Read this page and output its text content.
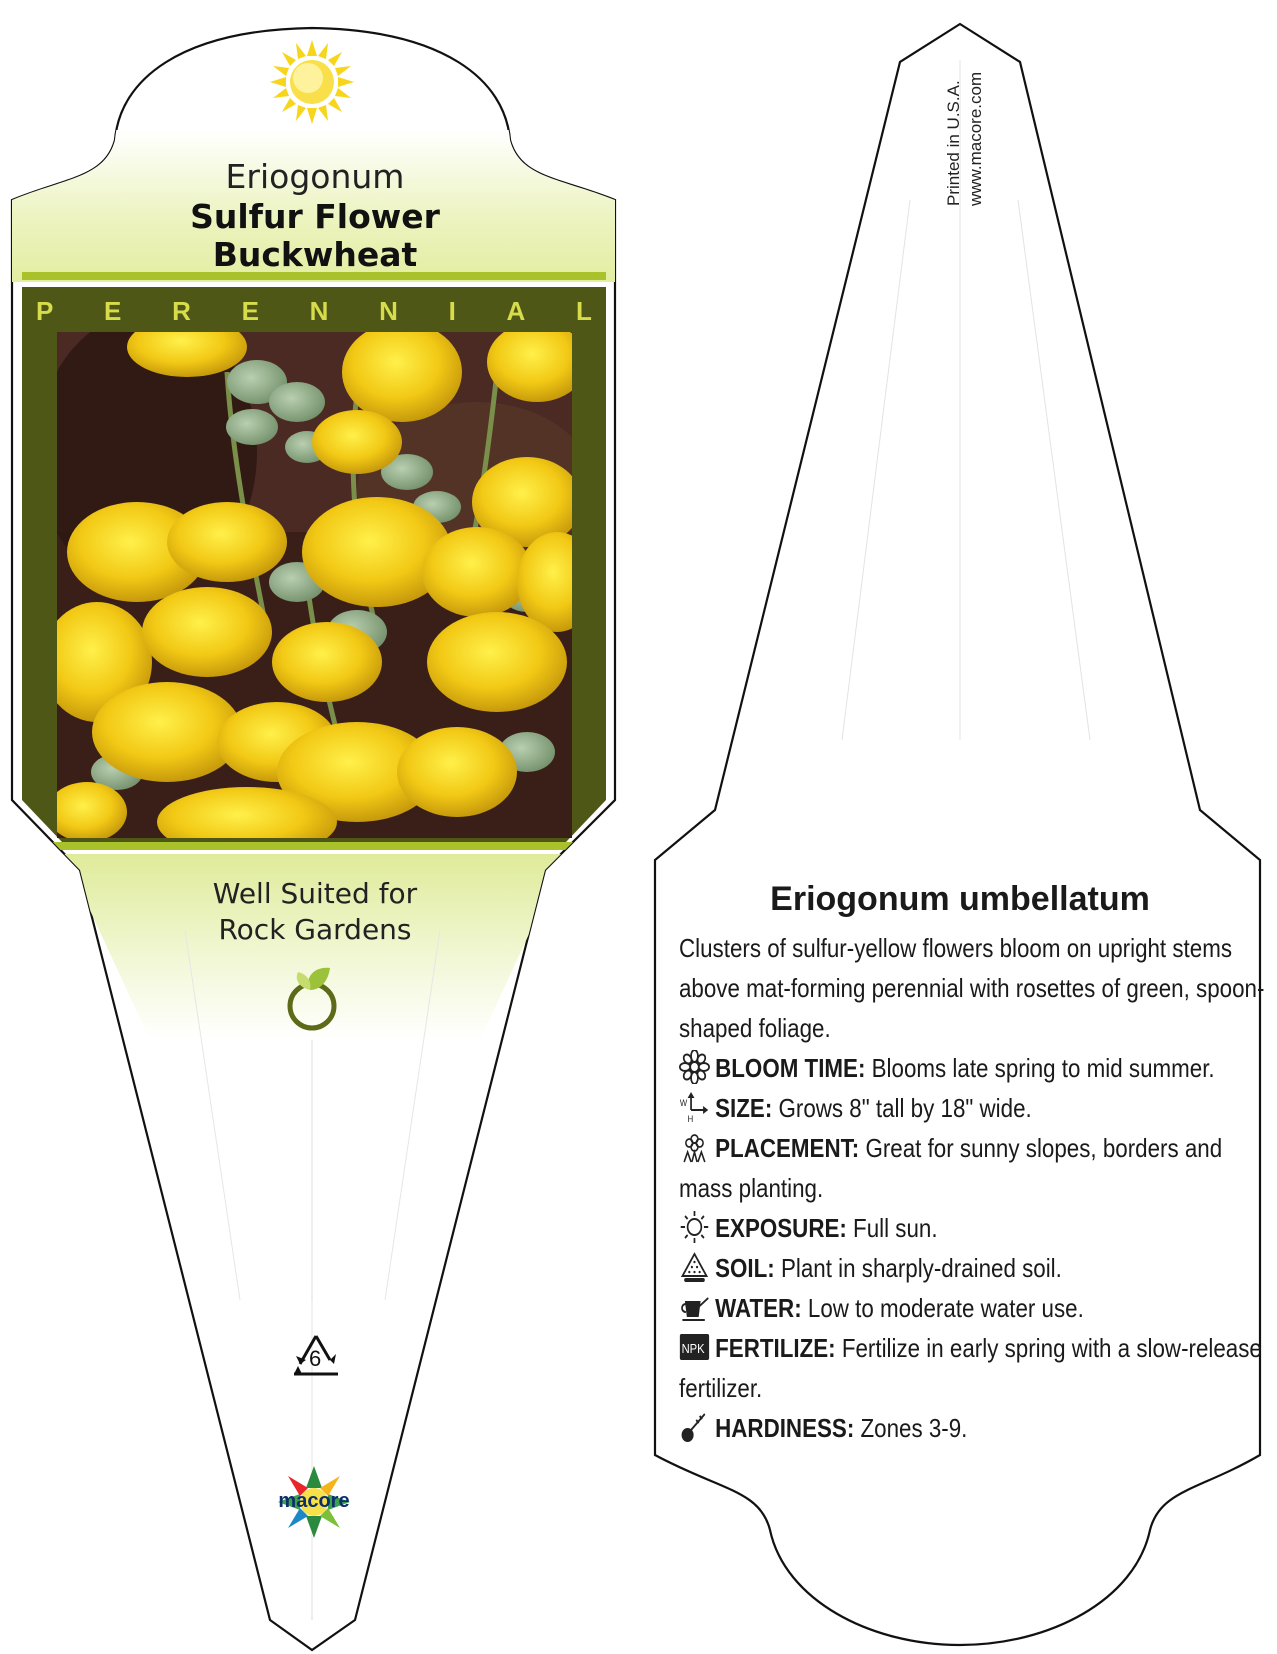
Eriogonum
Sulfur Flower
Buckwheat
P E R E N N I A L
Well Suited for
Rock Gardens
6
macore
Printed in U.S.A. www.macore.com
Eriogonum umbellatum

Clusters of sulfur-yellow flowers bloom on upright stems above mat-forming perennial with rosettes of green, spoon-shaped foliage.

BLOOM TIME: Blooms late spring to mid summer.
W
H SIZE: Grows 8" tall by 18" wide.
PLACEMENT: Great for sunny slopes, borders and mass planting.
EXPOSURE: Full sun.
SOIL: Plant in sharply-drained soil.
WATER: Low to moderate water use.
NPK FERTILIZE: Fertilize in early spring with a slow-release fertilizer.
HARDINESS: Zones 3-9.
